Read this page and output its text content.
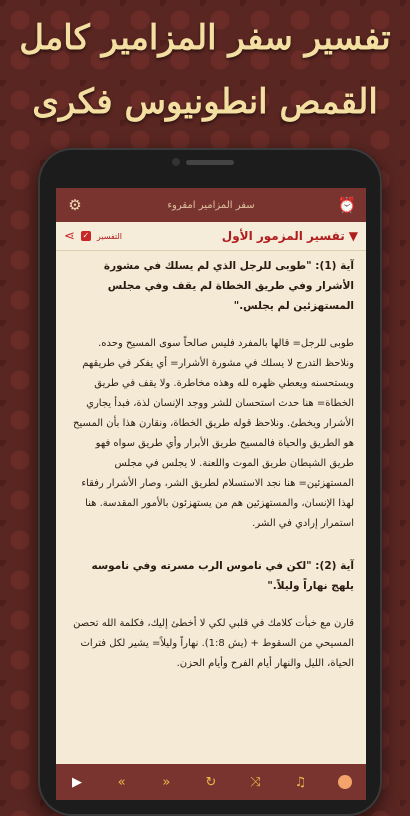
تفسير سفر المزامير كامل
القمص انطونيوس فكرى
⚙	سفر المزامير امقروء	⏰
▼
تفسير المزمور الأول
⋖ ✓ التفسير

آية (1): "طوبى للرجل الذي لم يسلك في مشورة الأشرار وفي طريق الخطاة لم يقف وفي مجلس المستهزئين لم يجلس."

طوبى للرجل= قالها بالمفرد فليس صالحاً سوى المسيح وحده. ونلاحظ التدرج لا يسلك في مشورة الأشرار= أي يفكر في طريقهم ويستحسنه ويعطي ظهره لله وهذه مخاطرة. ولا يقف في طريق الخطاة= هنا حدث استحسان للشر ووجد الإنسان لذة، فبدأ يجاري الأشرار ويخطئ. ونلاحظ قوله طريق الخطاة، ونقارن هذا بأن المسيح هو الطريق والحياة فالمسيح طريق الأبرار وأي طريق سواه فهو طريق الشيطان طريق الموت واللعنة. لا يجلس في مجلس المستهزئين= هنا نجد الاستسلام لطريق الشر، وصار الأشرار رفقاء لهذا الإنسان، والمستهزئين هم من يستهزئون بالأمور المقدسة. هنا استمرار إرادي في الشر.

آية (2): "لكن في ناموس الرب مسرته وفي ناموسه يلهج نهاراً وليلاً."

قارن مع خبأت كلامك في قلبي لكي لا أخطئ إليك، فكلمة الله تحصن المسيحي من السقوط + (يش 1:8). نهاراً وليلاً= يشير لكل فترات الحياة، الليل والنهار أيام الفرح وأيام الحزن.

▶	«	»	↻	⤨	♫
